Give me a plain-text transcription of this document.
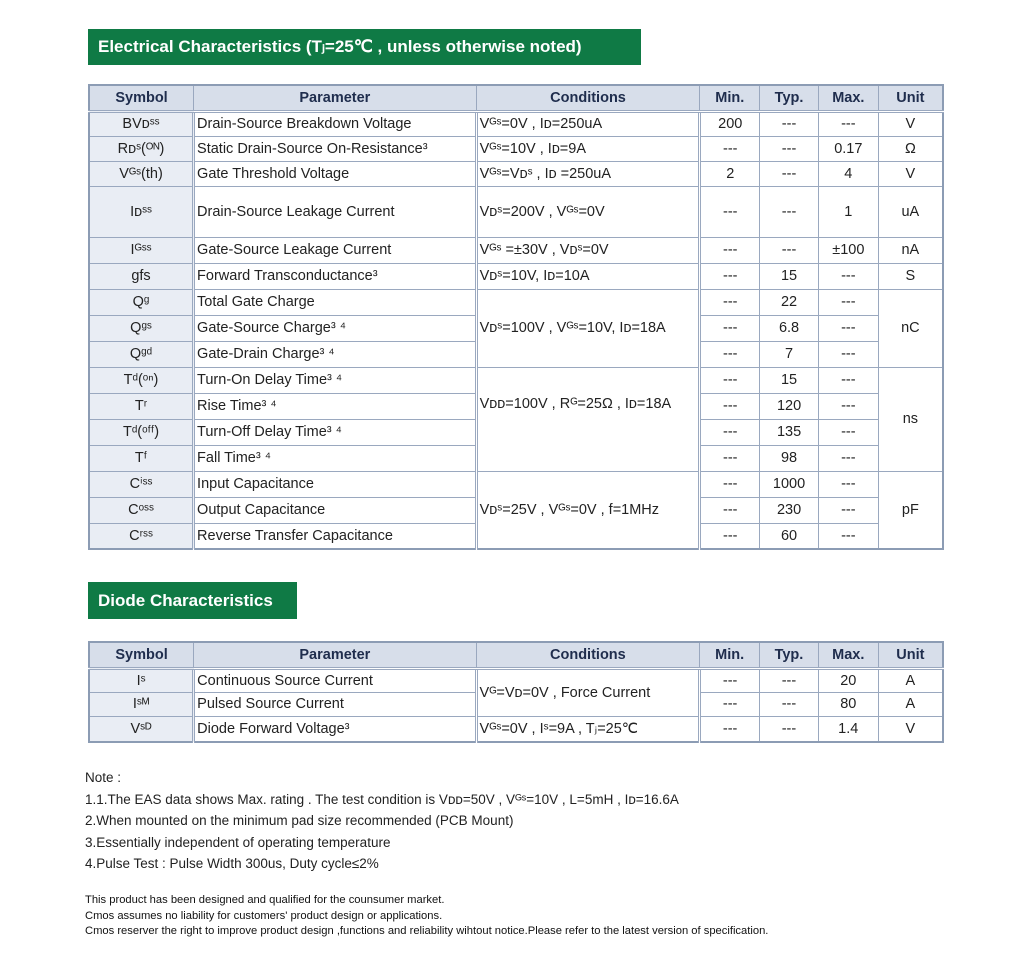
Electrical Characteristics (Tⱼ=25℃ , unless otherwise noted)
Symbol	Parameter	Conditions	Min.	Typ.	Max.	Unit
BVᴅˢˢ	Drain-Source Breakdown Voltage	Vᴳˢ=0V , Iᴅ=250uA	200	---	---	V
Rᴅˢ(ᴼᴺ)	Static Drain-Source On-Resistance³	Vᴳˢ=10V , Iᴅ=9A	---	---	0.17	Ω
Vᴳˢ(th)	Gate Threshold Voltage	Vᴳˢ=Vᴅˢ , Iᴅ =250uA	2	---	4	V
Iᴅˢˢ	Drain-Source Leakage Current	Vᴅˢ=200V , Vᴳˢ=0V	---	---	1	uA
Iᴳˢˢ	Gate-Source Leakage Current	Vᴳˢ =±30V , Vᴅˢ=0V	---	---	±100	nA
gfs	Forward Transconductance³	Vᴅˢ=10V, Iᴅ=10A	---	15	---	S
Qᵍ	Total Gate Charge	Vᴅˢ=100V , Vᴳˢ=10V, Iᴅ=18A	---	22	---	nC
Qᵍˢ	Gate-Source Charge³ ⁴		---	6.8	---	
Qᵍᵈ	Gate-Drain Charge³ ⁴		---	7	---	
Tᵈ(ᵒⁿ)	Turn-On Delay Time³ ⁴	Vᴅᴅ=100V , Rᴳ=25Ω , Iᴅ=18A	---	15	---	ns
Tʳ	Rise Time³ ⁴		---	120	---	
Tᵈ(ᵒᶠᶠ)	Turn-Off Delay Time³ ⁴		---	135	---	
Tᶠ	Fall Time³ ⁴		---	98	---	
Cⁱˢˢ	Input Capacitance	Vᴅˢ=25V , Vᴳˢ=0V , f=1MHz	---	1000	---	pF
Cᵒˢˢ	Output Capacitance		---	230	---	
Cʳˢˢ	Reverse Transfer Capacitance		---	60	---	
Diode Characteristics
Symbol	Parameter	Conditions	Min.	Typ.	Max.	Unit
Iˢ	Continuous Source Current	Vᴳ=Vᴅ=0V , Force Current	---	---	20	A
Iˢᴹ	Pulsed Source Current		---	---	80	A
Vˢᴰ	Diode Forward Voltage³	Vᴳˢ=0V , Iˢ=9A , Tⱼ=25℃	---	---	1.4	V
Note :
1.1.The EAS data shows Max. rating . The test condition is Vᴅᴅ=50V , Vᴳˢ=10V , L=5mH , Iᴅ=16.6A
2.When mounted on the minimum pad size recommended (PCB Mount)
3.Essentially independent of operating temperature
4.Pulse Test : Pulse Width 300us, Duty cycle≤2%
This product has been designed and qualified for the counsumer market.
Cmos assumes no liability for customers' product design or applications.
Cmos reserver the right to improve product design ,functions and reliability wihtout notice.Please refer to the latest version of specification.
